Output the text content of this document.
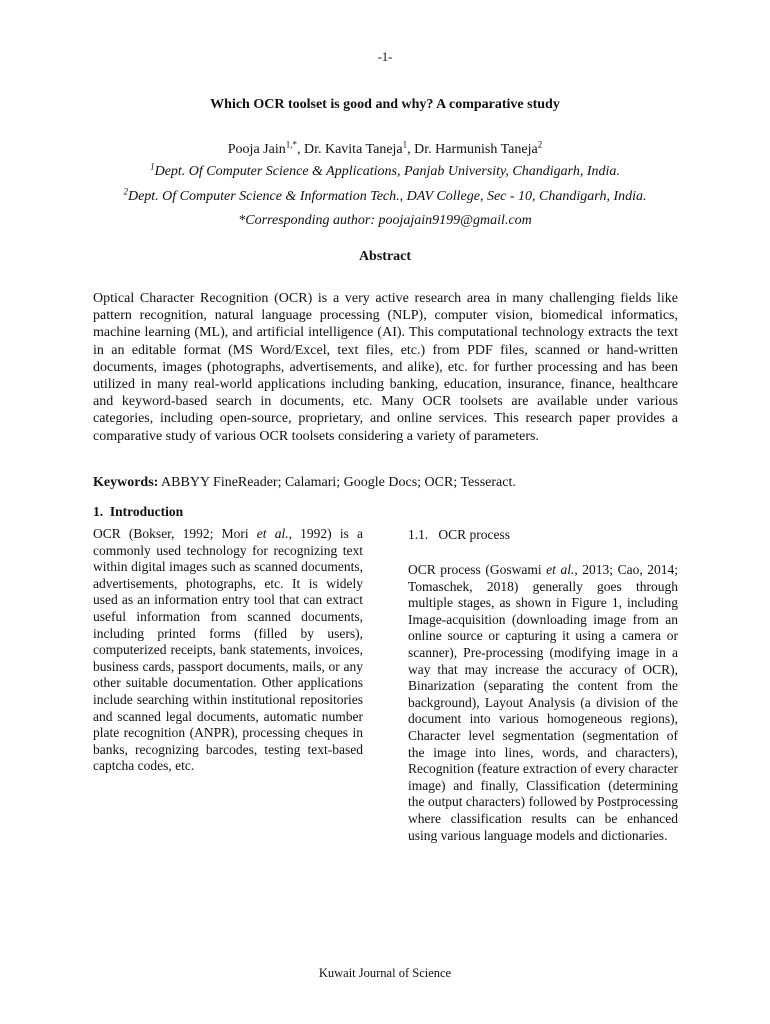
-1-
Which OCR toolset is good and why? A comparative study
Pooja Jain$^{1,*}$, Dr. Kavita Taneja$^1$, Dr. Harmunish Taneja$^2$
$^1$Dept. Of Computer Science & Applications, Panjab University, Chandigarh, India.
$^2$Dept. Of Computer Science & Information Tech., DAV College, Sec - 10, Chandigarh, India.
*Corresponding author: poojajain9199@gmail.com
Abstract

Optical Character Recognition (OCR) is a very active research area in many challenging fields like pattern recognition, natural language processing (NLP), computer vision, biomedical informatics, machine learning (ML), and artificial intelligence (AI). This computational technology extracts the text in an editable format (MS Word/Excel, text files, etc.) from PDF files, scanned or hand-written documents, images (photographs, advertisements, and alike), etc. for further processing and has been utilized in many real-world applications including banking, education, insurance, finance, healthcare and keyword-based search in documents, etc. Many OCR toolsets are available under various categories, including open-source, proprietary, and online services. This research paper provides a comparative study of various OCR toolsets considering a variety of parameters.

Keywords: ABBYY FineReader; Calamari; Google Docs; OCR; Tesseract.

1. Introduction

OCR (Bokser, 1992; Mori et al., 1992) is a commonly used technology for recognizing text within digital images such as scanned documents, advertisements, photographs, etc. It is widely used as an information entry tool that can extract useful information from scanned documents, including printed forms (filled by users), computerized receipts, bank statements, invoices, business cards, passport documents, mails, or any other suitable documentation. Other applications include searching within institutional repositories and scanned legal documents, automatic number plate recognition (ANPR), processing cheques in banks, recognizing barcodes, testing text-based captcha codes, etc.

1.1.   OCR process

OCR process (Goswami et al., 2013; Cao, 2014; Tomaschek, 2018) generally goes through multiple stages, as shown in Figure 1, including Image-acquisition (downloading image from an online source or capturing it using a camera or scanner), Pre-processing (modifying image in a way that may increase the accuracy of OCR), Binarization (separating the content from the background), Layout Analysis (a division of the document into various homogeneous regions), Character level segmentation (segmentation of the image into lines, words, and characters), Recognition (feature extraction of every character image) and finally, Classification (determining the output characters) followed by Postprocessing where classification results can be enhanced using various language models and dictionaries.

Kuwait Journal of Science
